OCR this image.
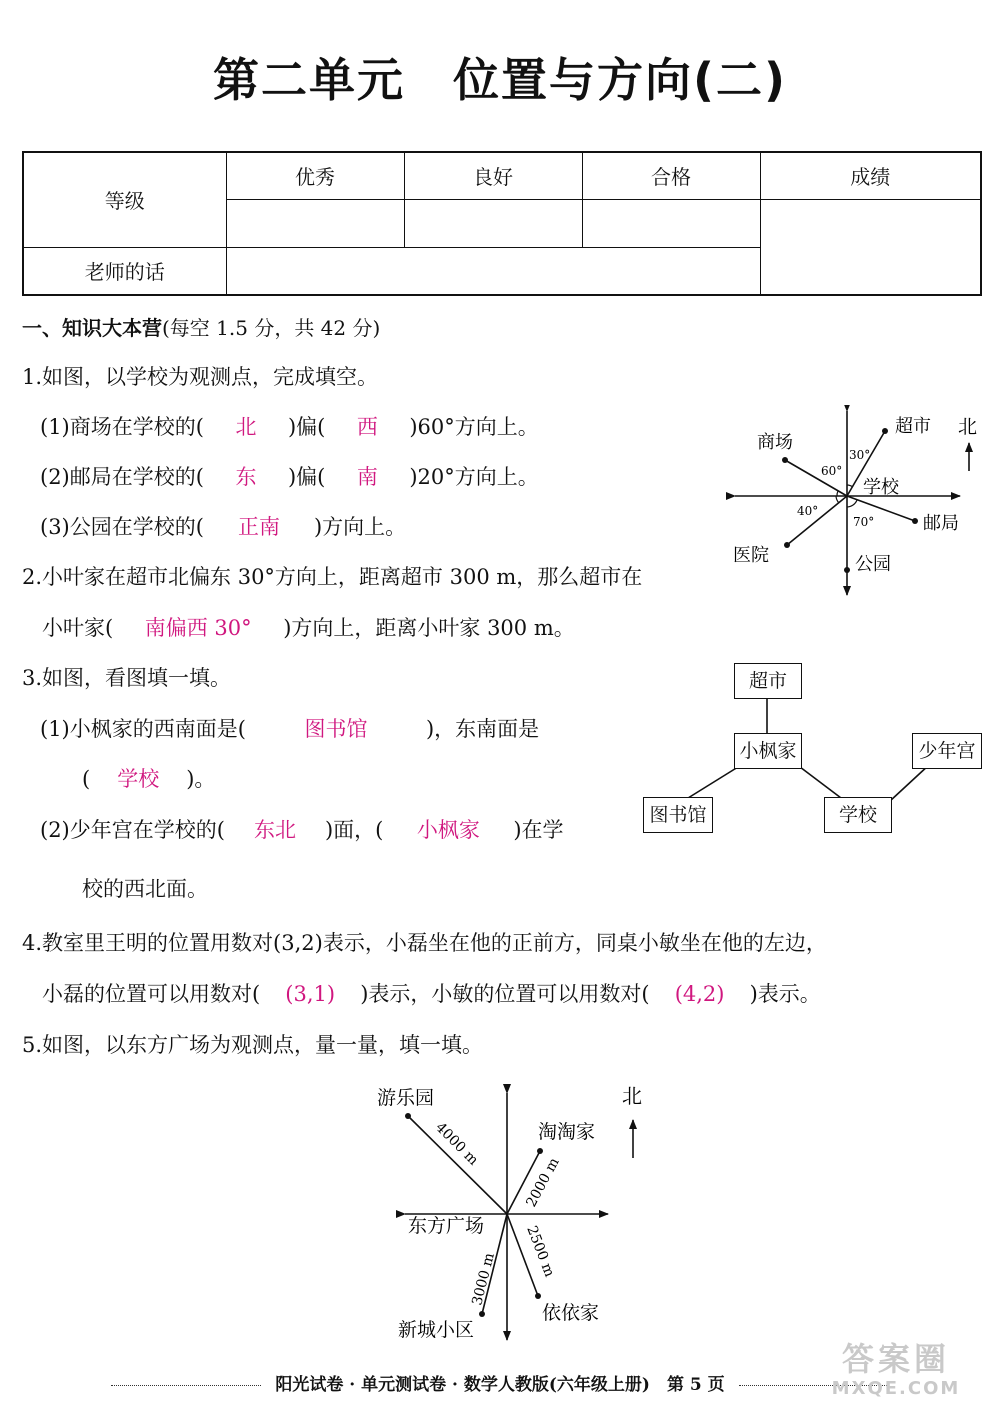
第二单元　位置与方向(二)
等级	优秀	良好	合格	成绩

老师的话				
一、知识大本营(每空 1.5 分，共 42 分)
1.如图，以学校为观测点，完成填空。
(1)商场在学校的( 北 )偏( 西 )60°方向上。
(2)邮局在学校的( 东 )偏( 南 )20°方向上。
(3)公园在学校的( 正南 )方向上。
北
商场
超市
学校
邮局
医院	公园
60°
30°
40°
70°
2.小叶家在超市北偏东 30°方向上，距离超市 300 m，那么超市在
小叶家( 南偏西 30° )方向上，距离小叶家 300 m。
3.如图，看图填一填。
(1)小枫家的西南面是(	图书馆	)，东南面是
( 学校 )。
(2)少年宫在学校的( 东北 )面，( 小枫家 )在学
校的西北面。
超市
小枫家	少年宫
图书馆	学校
4.教室里王明的位置用数对(3,2)表示，小磊坐在他的正前方，同桌小敏坐在他的左边，
小磊的位置可以用数对( (3,1) )表示，小敏的位置可以用数对( (4,2) )表示。
5.如图，以东方广场为观测点，量一量，填一填。
北
游乐园
淘淘家
东方广场
依依家
新城小区
4000 m
2000 m
2500 m
3000 m
阳光试卷 · 单元测试卷 · 数学人教版(六年级上册)　第 5 页
答案圈
MXQE.COM
